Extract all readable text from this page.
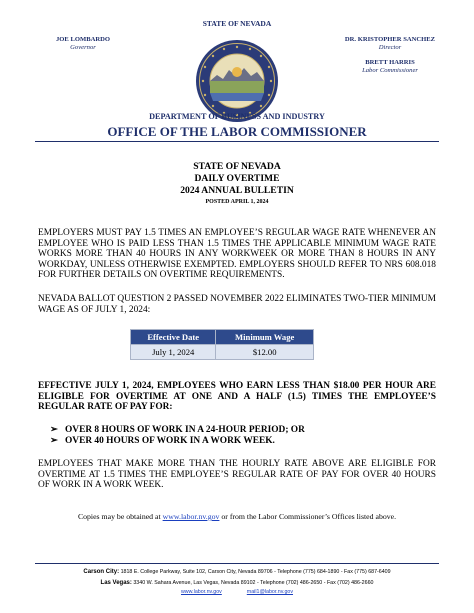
STATE OF NEVADA
JOE LOMBARDO
Governor
DR. KRISTOPHER SANCHEZ
Director
BRETT HARRIS
Labor Commissioner
DEPARTMENT OF BUSINESS AND INDUSTRY
OFFICE OF THE LABOR COMMISSIONER
STATE OF NEVADA
DAILY OVERTIME
2024 ANNUAL BULLETIN
POSTED APRIL 1, 2024
EMPLOYERS MUST PAY 1.5 TIMES AN EMPLOYEE’S REGULAR WAGE RATE WHENEVER AN EMPLOYEE WHO IS PAID LESS THAN 1.5 TIMES THE APPLICABLE MINIMUM WAGE RATE WORKS MORE THAN 40 HOURS IN ANY WORKWEEK OR MORE THAN 8 HOURS IN ANY WORKDAY, UNLESS OTHERWISE EXEMPTED. EMPLOYERS SHOULD REFER TO NRS 608.018 FOR FURTHER DETAILS ON OVERTIME REQUIREMENTS.
NEVADA BALLOT QUESTION 2 PASSED NOVEMBER 2022 ELIMINATES TWO-TIER MINIMUM WAGE AS OF JULY 1, 2024:
Effective Date	Minimum Wage
July 1, 2024	$12.00
EFFECTIVE JULY 1, 2024, EMPLOYEES WHO EARN LESS THAN $18.00 PER HOUR ARE ELIGIBLE FOR OVERTIME AT ONE AND A HALF (1.5) TIMES THE EMPLOYEE’S REGULAR RATE OF PAY FOR:
➢ OVER 8 HOURS OF WORK IN A 24-HOUR PERIOD; OR
➢ OVER 40 HOURS OF WORK IN A WORK WEEK.
EMPLOYEES THAT MAKE MORE THAN THE HOURLY RATE ABOVE ARE ELIGIBLE FOR OVERTIME AT 1.5 TIMES THE EMPLOYEE’S REGULAR RATE OF PAY FOR OVER 40 HOURS OF WORK IN A WORK WEEK.
Copies may be obtained at www.labor.nv.gov or from the Labor Commissioner’s Offices listed above.
Carson City: 1818 E. College Parkway, Suite 102, Carson City, Nevada 89706 - Telephone (775) 684-1890 - Fax (775) 687-6409
Las Vegas: 3340 W. Sahara Avenue, Las Vegas, Nevada 89102 - Telephone (702) 486-2650 - Fax (702) 486-2660
www.labor.nv.gov	mail1@labor.nv.gov
